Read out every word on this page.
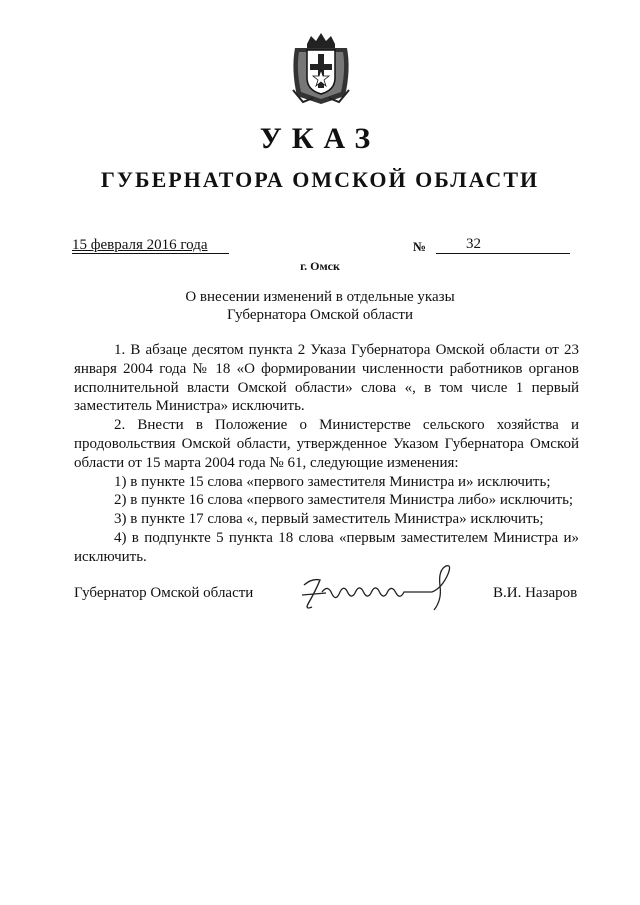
УКАЗ
ГУБЕРНАТОРА ОМСКОЙ ОБЛАСТИ
15 февраля 2016 года	№	32
г. Омск
О внесении изменений в отдельные указы
Губернатора Омской области

1. В абзаце десятом пункта 2 Указа Губернатора Омской области от 23 января 2004 года № 18 «О формировании численности работников органов исполнительной власти Омской области» слова «, в том числе 1 первый заместитель Министра» исключить.

2. Внести в Положение о Министерстве сельского хозяйства и продовольствия Омской области, утвержденное Указом Губернатора Омской области от 15 марта 2004 года № 61, следующие изменения:

1) в пункте 15 слова «первого заместителя Министра и» исключить;

2) в пункте 16 слова «первого заместителя Министра либо» исключить;

3) в пункте 17 слова «, первый заместитель Министра» исключить;

4) в подпункте 5 пункта 18 слова «первым заместителем Министра и» исключить.

Губернатор Омской области	В.И. Назаров
